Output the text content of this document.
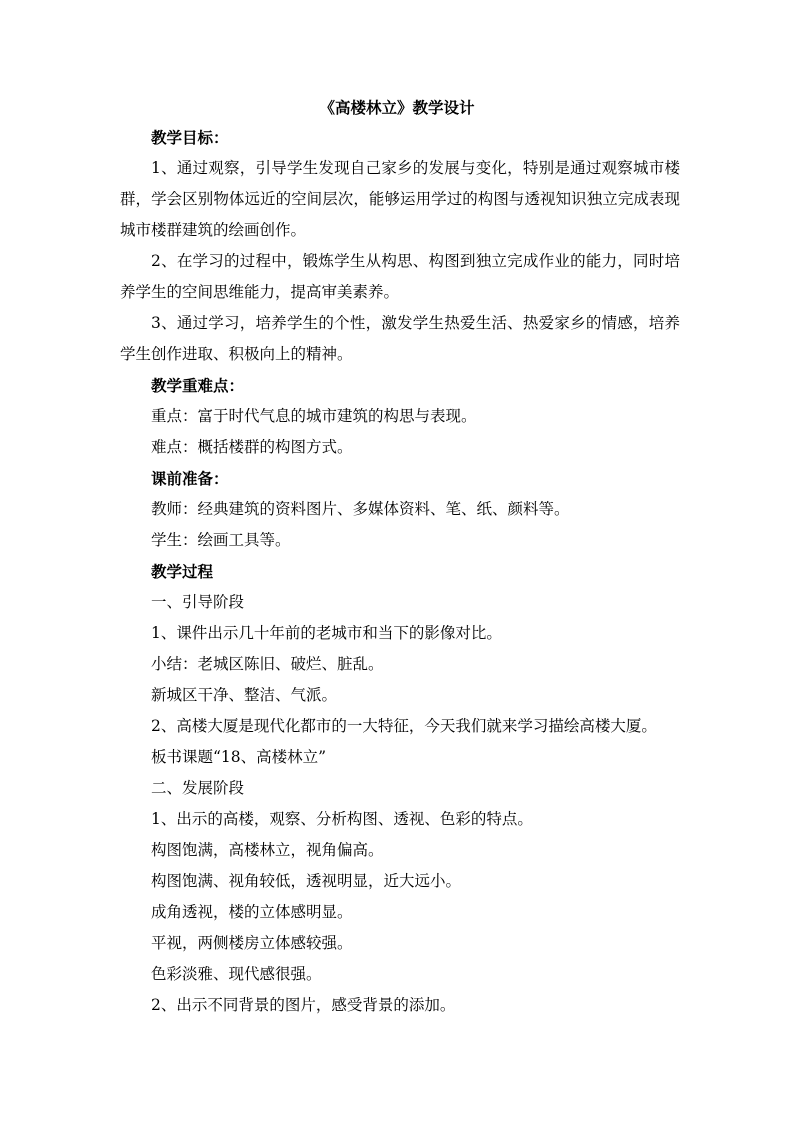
《高楼林立》教学设计

教学目标：

1、通过观察，引导学生发现自己家乡的发展与变化，特别是通过观察城市楼群，学会区别物体远近的空间层次，能够运用学过的构图与透视知识独立完成表现城市楼群建筑的绘画创作。

2、在学习的过程中，锻炼学生从构思、构图到独立完成作业的能力，同时培养学生的空间思维能力，提高审美素养。

3、通过学习，培养学生的个性，激发学生热爱生活、热爱家乡的情感，培养学生创作进取、积极向上的精神。

教学重难点：

重点：富于时代气息的城市建筑的构思与表现。

难点：概括楼群的构图方式。

课前准备：

教师：经典建筑的资料图片、多媒体资料、笔、纸、颜料等。

学生：绘画工具等。

教学过程

一、引导阶段

1、课件出示几十年前的老城市和当下的影像对比。

小结：老城区陈旧、破烂、脏乱。

新城区干净、整洁、气派。

2、高楼大厦是现代化都市的一大特征，今天我们就来学习描绘高楼大厦。

板书课题“18、高楼林立”

二、发展阶段

1、出示的高楼，观察、分析构图、透视、色彩的特点。

构图饱满，高楼林立，视角偏高。

构图饱满、视角较低，透视明显，近大远小。

成角透视，楼的立体感明显。

平视，两侧楼房立体感较强。

色彩淡雅、现代感很强。

2、出示不同背景的图片，感受背景的添加。
